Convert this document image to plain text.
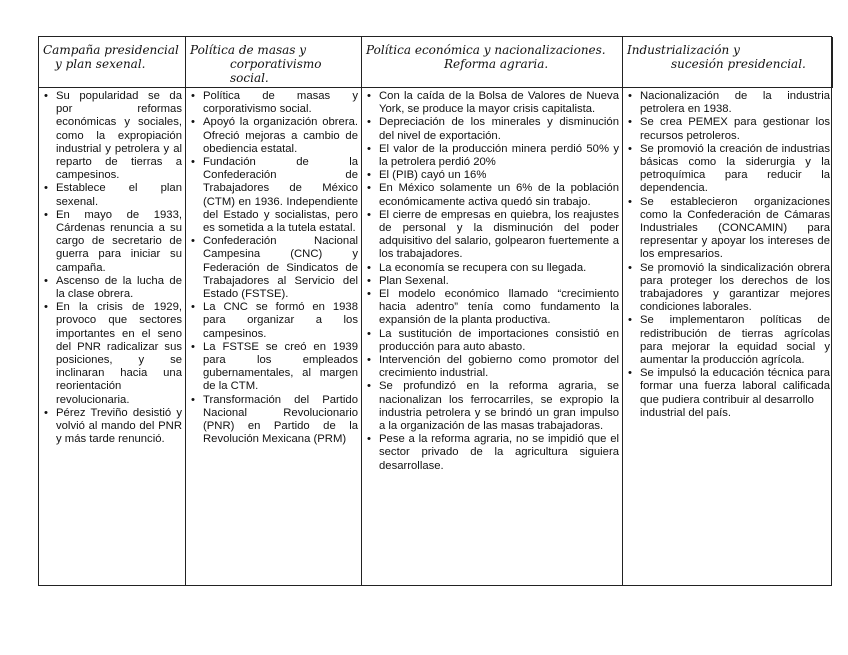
Campaña presidencial
y plan sexenal.
Política de masas y
corporativismo social.
Política económica y nacionalizaciones.
Reforma agraria.
Industrialización y
sucesión presidencial.
• Su popularidad se da por reformas económicas y sociales, como la expropiación industrial y petrolera y al reparto de tierras a campesinos.
• Establece el plan sexenal.
• En mayo de 1933, Cárdenas renuncia a su cargo de secretario de guerra para iniciar su campaña.
• Ascenso de la lucha de la clase obrera.
• En la crisis de 1929, provoco que sectores importantes en el seno del PNR radicalizar sus posiciones, y se inclinaran hacia una reorientación revolucionaria.
• Pérez Treviño desistió y volvió al mando del PNR y más tarde renunció.
• Política de masas y corporativismo social.
• Apoyó la organización obrera. Ofreció mejoras a cambio de obediencia estatal.
• Fundación de la Confederación de Trabajadores de México (CTM) en 1936. Independiente del Estado y socialistas, pero es sometida a la tutela estatal.
• Confederación Nacional Campesina (CNC) y Federación de Sindicatos de Trabajadores al Servicio del Estado (FSTSE).
• La CNC se formó en 1938 para organizar a los campesinos.
• La FSTSE se creó en 1939 para los empleados gubernamentales, al margen de la CTM.
• Transformación del Partido Nacional Revolucionario (PNR) en Partido de la Revolución Mexicana (PRM)
• Con la caída de la Bolsa de Valores de Nueva York, se produce la mayor crisis capitalista.
• Depreciación de los minerales y disminución del nivel de exportación.
• El valor de la producción minera perdió 50% y la petrolera perdió 20%
• El (PIB) cayó un 16%
• En México solamente un 6% de la población económicamente activa quedó sin trabajo.
• El cierre de empresas en quiebra, los reajustes de personal y la disminución del poder adquisitivo del salario, golpearon fuertemente a los trabajadores.
• La economía se recupera con su llegada.
• Plan Sexenal.
• El modelo económico llamado “crecimiento hacia adentro” tenía como fundamento la expansión de la planta productiva.
• La sustitución de importaciones consistió en producción para auto abasto.
• Intervención del gobierno como promotor del crecimiento industrial.
• Se profundizó en la reforma agraria, se nacionalizan los ferrocarriles, se expropio la industria petrolera y se brindó un gran impulso a la organización de las masas trabajadoras.
• Pese a la reforma agraria, no se impidió que el sector privado de la agricultura siguiera desarrollase.
• Nacionalización de la industria petrolera en 1938.
• Se crea PEMEX para gestionar los recursos petroleros.
• Se promovió la creación de industrias básicas como la siderurgia y la petroquímica para reducir la dependencia.
• Se establecieron organizaciones como la Confederación de Cámaras Industriales (CONCAMIN) para representar y apoyar los intereses de los empresarios.
• Se promovió la sindicalización obrera para proteger los derechos de los trabajadores y garantizar mejores condiciones laborales.
• Se implementaron políticas de redistribución de tierras agrícolas para mejorar la equidad social y aumentar la producción agrícola.
• Se impulsó la educación técnica para formar una fuerza laboral calificada que pudiera contribuir al desarrollo
industrial del país.
